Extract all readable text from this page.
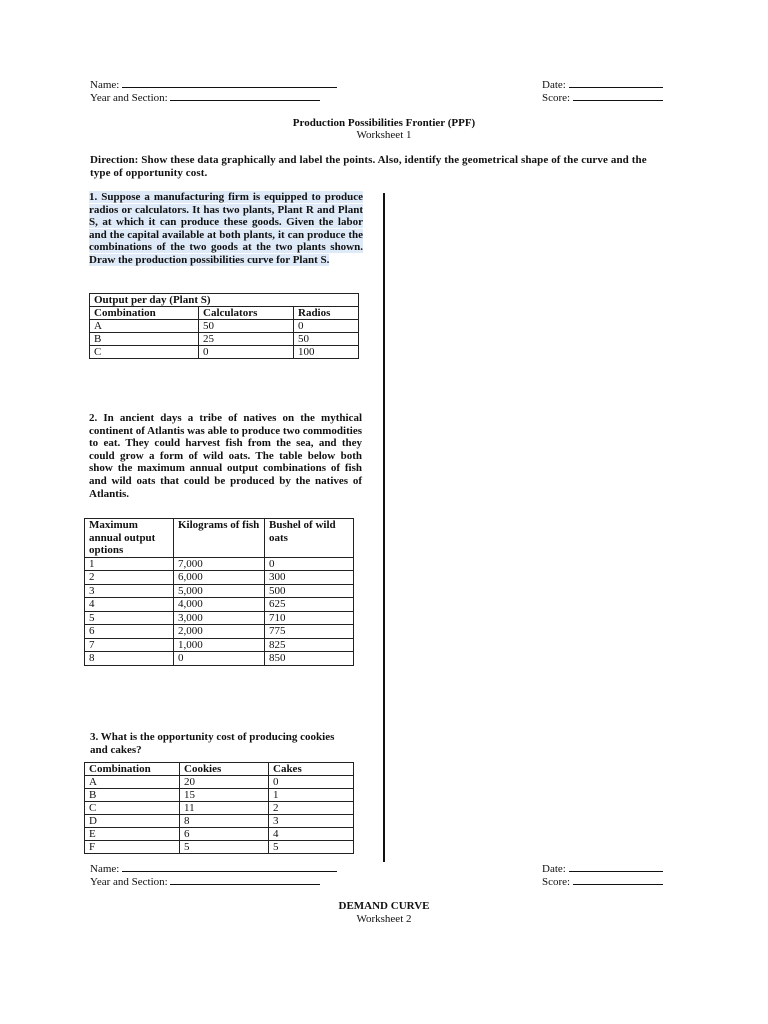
Name:	Date:
Year and Section:	Score:
Production Possibilities Frontier (PPF)
Worksheet 1
Direction: Show these data graphically and label the points. Also, identify the geometrical shape of the curve and the type of opportunity cost.
1. Suppose a manufacturing firm is equipped to produce radios or calculators. It has two plants, Plant R and Plant S, at which it can produce these goods. Given the labor and the capital available at both plants, it can produce the combinations of the two goods at the two plants shown. Draw the production possibilities curve for Plant S.
Output per day (Plant S)		
Combination	Calculators	Radios
A	50	0
B	25	50
C	0	100
2. In ancient days a tribe of natives on the mythical continent of Atlantis was able to produce two commodities to eat. They could harvest fish from the sea, and they could grow a form of wild oats. The table below both show the maximum annual output combinations of fish and wild oats that could be produced by the natives of Atlantis.
Maximum annual output options	Kilograms of fish	Bushel of wild oats
1	7,000	0
2	6,000	300
3	5,000	500
4	4,000	625
5	3,000	710
6	2,000	775
7	1,000	825
8	0	850
3. What is the opportunity cost of producing cookies and cakes?
Combination	Cookies	Cakes
A	20	0
B	15	1
C	11	2
D	8	3
E	6	4
F	5	5
Name:	Date:
Year and Section:	Score:
DEMAND CURVE
Worksheet 2
